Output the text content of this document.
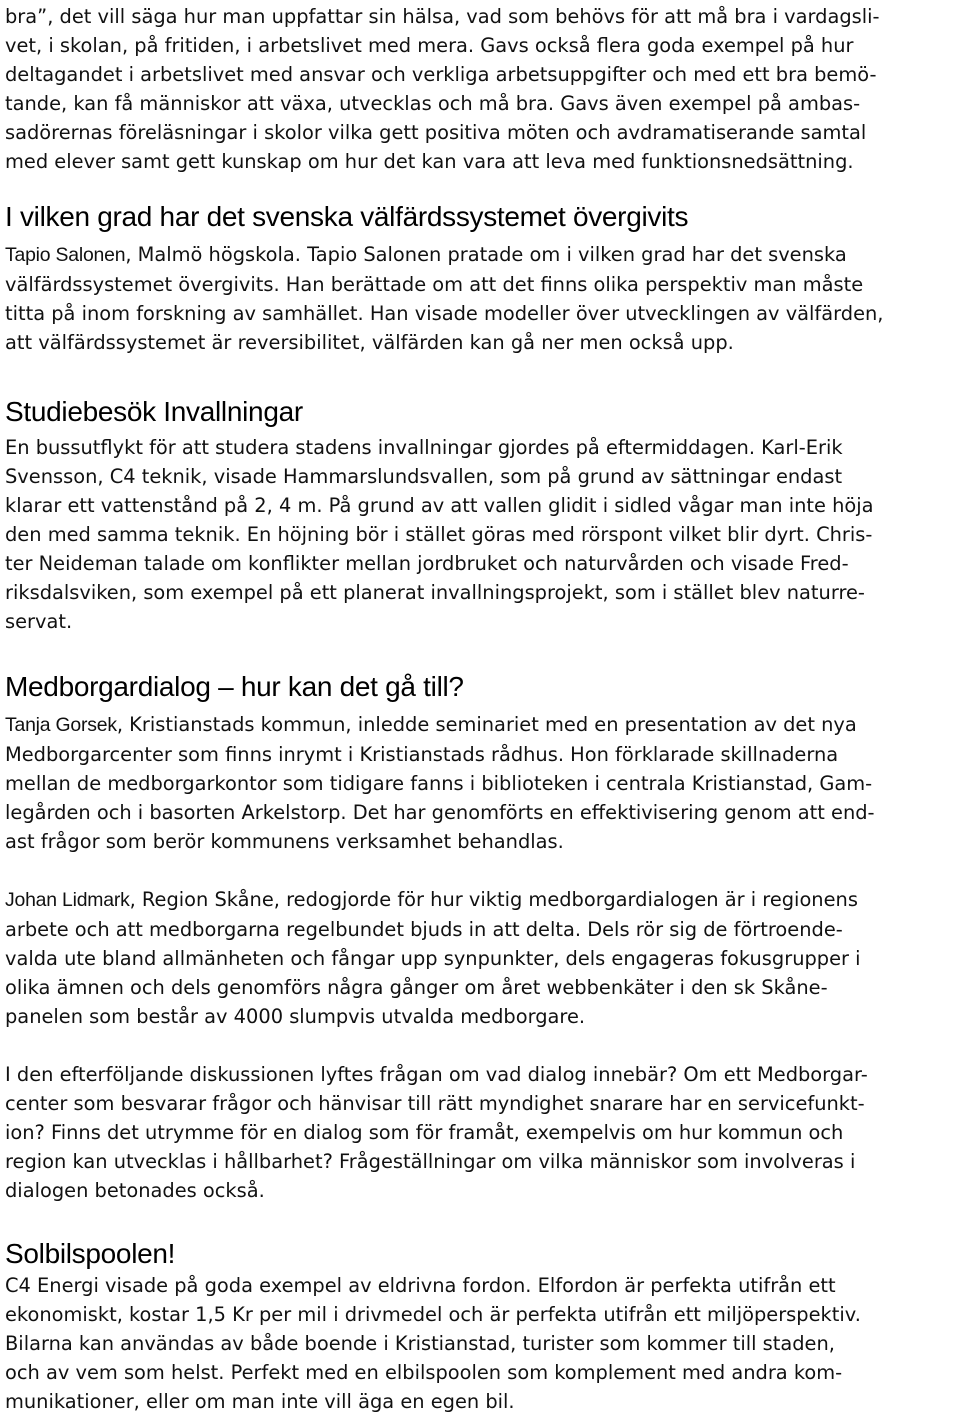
bra”, det vill säga hur man uppfattar sin hälsa, vad som behövs för att må bra i vardagsli-
vet, i skolan, på fritiden, i arbetslivet med mera. Gavs också flera goda exempel på hur
deltagandet i arbetslivet med ansvar och verkliga arbetsuppgifter och med ett bra bemö-
tande, kan få människor att växa, utvecklas och må bra. Gavs även exempel på ambas-
sadörernas föreläsningar i skolor vilka gett positiva möten och avdramatiserande samtal
med elever samt gett kunskap om hur det kan vara att leva med funktionsnedsättning.
I vilken grad har det svenska välfärdssystemet övergivits
Tapio Salonen, Malmö högskola. Tapio Salonen pratade om i vilken grad har det svenska
välfärdssystemet övergivits. Han berättade om att det finns olika perspektiv man måste
titta på inom forskning av samhället. Han visade modeller över utvecklingen av välfärden,
att välfärdssystemet är reversibilitet, välfärden kan gå ner men också upp.
Studiebesök Invallningar
En bussutflykt för att studera stadens invallningar gjordes på eftermiddagen. Karl-Erik
Svensson, C4 teknik, visade Hammarslundsvallen, som på grund av sättningar endast
klarar ett vattenstånd på 2, 4 m. På grund av att vallen glidit i sidled vågar man inte höja
den med samma teknik. En höjning bör i stället göras med rörspont vilket blir dyrt. Chris-
ter Neideman talade om konflikter mellan jordbruket och naturvården och visade Fred-
riksdalsviken, som exempel på ett planerat invallningsprojekt, som i stället blev naturre-
servat.
Medborgardialog – hur kan det gå till?
Tanja Gorsek, Kristianstads kommun, inledde seminariet med en presentation av det nya
Medborgarcenter som finns inrymt i Kristianstads rådhus. Hon förklarade skillnaderna
mellan de medborgarkontor som tidigare fanns i biblioteken i centrala Kristianstad, Gam-
legården och i basorten Arkelstorp. Det har genomförts en effektivisering genom att end-
ast frågor som berör kommunens verksamhet behandlas.
Johan Lidmark, Region Skåne, redogjorde för hur viktig medborgardialogen är i regionens
arbete och att medborgarna regelbundet bjuds in att delta. Dels rör sig de förtroende-
valda ute bland allmänheten och fångar upp synpunkter, dels engageras fokusgrupper i
olika ämnen och dels genomförs några gånger om året webbenkäter i den sk Skåne-
panelen som består av 4000 slumpvis utvalda medborgare.
I den efterföljande diskussionen lyftes frågan om vad dialog innebär? Om ett Medborgar-
center som besvarar frågor och hänvisar till rätt myndighet snarare har en servicefunkt-
ion? Finns det utrymme för en dialog som för framåt, exempelvis om hur kommun och
region kan utvecklas i hållbarhet? Frågeställningar om vilka människor som involveras i
dialogen betonades också.
Solbilspoolen!
C4 Energi visade på goda exempel av eldrivna fordon. Elfordon är perfekta utifrån ett
ekonomiskt, kostar 1,5 Kr per mil i drivmedel och är perfekta utifrån ett miljöperspektiv.
Bilarna kan användas av både boende i Kristianstad, turister som kommer till staden,
och av vem som helst. Perfekt med en elbilspoolen som komplement med andra kom-
munikationer, eller om man inte vill äga en egen bil.
